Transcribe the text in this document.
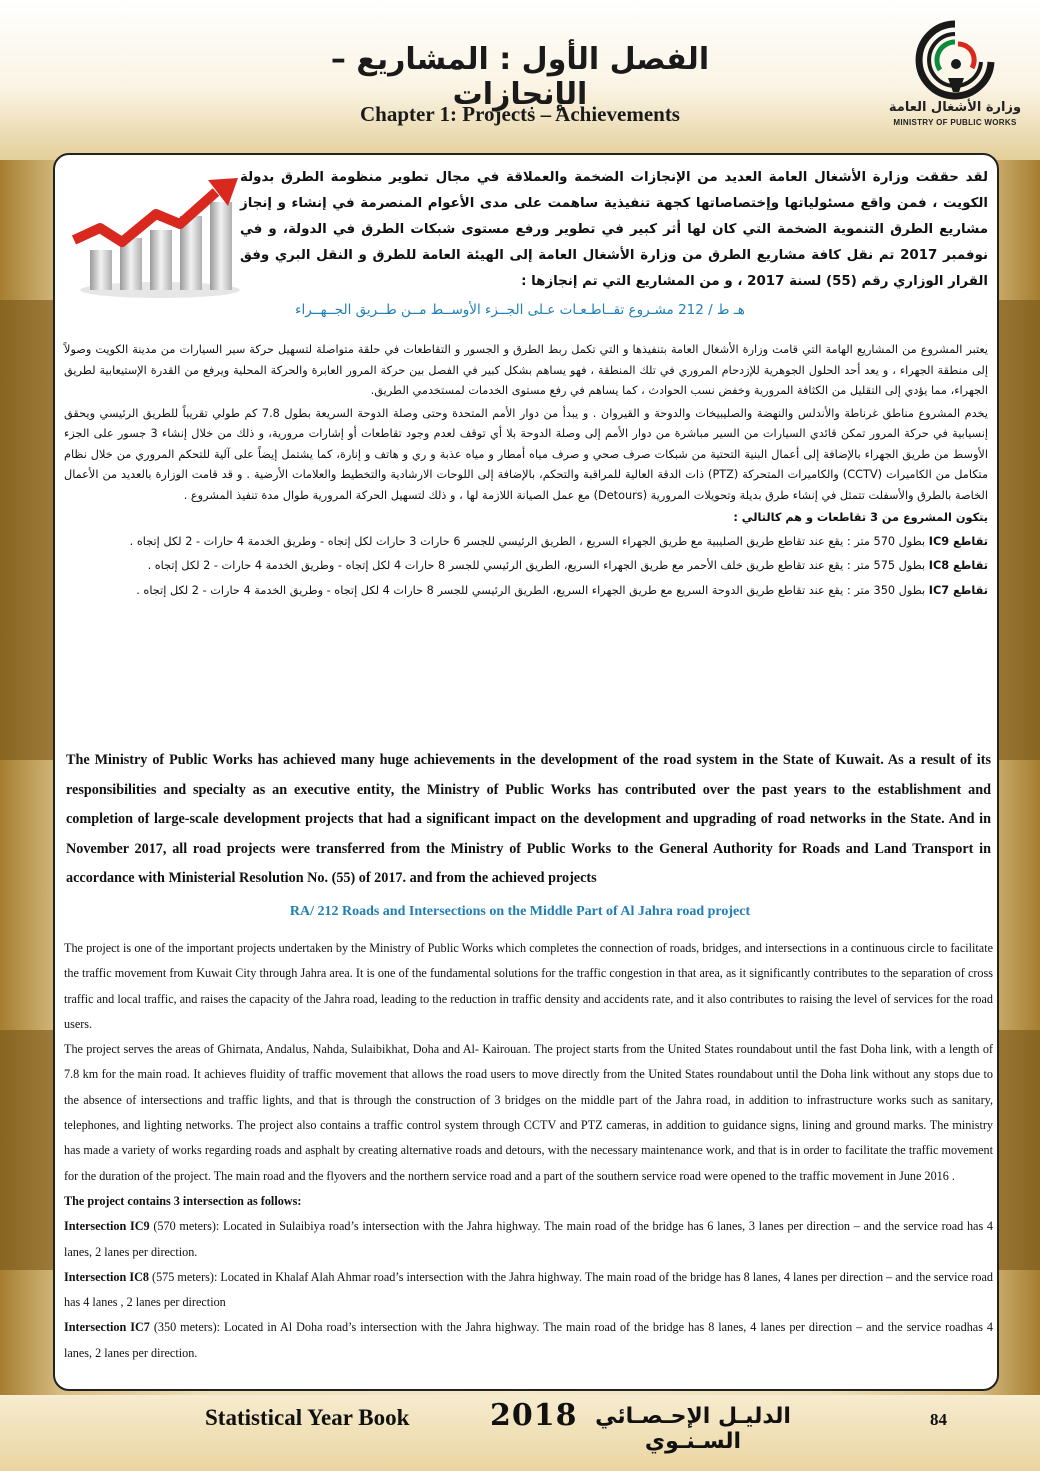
الفصل الأول : المشاريع – الإنجازات
Chapter 1: Projects – Achievements	وزارة الأشغال العامة
MINISTRY OF PUBLIC WORKS
لقد حققت وزارة الأشغال العامة العديد من الإنجازات الضخمة والعملاقة في مجال تطوير منظومة الطرق بدولة الكويت ، فمن واقع مسئولياتها وإختصاصاتها كجهة تنفيذية ساهمت على مدى الأعوام المنصرمة في إنشاء و إنجاز مشاريع الطرق التنموية الضخمة التي كان لها أثر كبير في تطوير ورفع مستوى شبكات الطرق في الدولة، و في نوفمبر 2017 تم نقل كافة مشاريع الطرق من وزارة الأشغال العامة إلى الهيئة العامة للطرق و النقل البري وفق القرار الوزاري رقم (55) لسنة 2017 ، و من المشاريع التي تم إنجازها :
هـ ط / 212 مشـروع تقــاطـعـات عـلى الجــزء الأوســط مــن طــريق الجــهــراء

يعتبر المشروع من المشاريع الهامة التي قامت وزارة الأشغال العامة بتنفيذها و التي تكمل ربط الطرق و الجسور و التقاطعات في حلقة متواصلة لتسهيل حركة سير السيارات من مدينة الكويت وصولاً إلى منطقة الجهراء ، و يعد أحد الحلول الجوهرية للإزدحام المروري في تلك المنطقة ، فهو يساهم بشكل كبير في الفصل بين حركة المرور العابرة والحركة المحلية ويرفع من القدرة الإستيعابية لطريق الجهراء، مما يؤدي إلى التقليل من الكثافة المرورية وخفض نسب الحوادث ، كما يساهم في رفع مستوى الخدمات لمستخدمي الطريق.

يخدم المشروع مناطق غرناطة والأندلس والنهضة والصليبيخات والدوحة و القيروان . و يبدأ من دوار الأمم المتحدة وحتى وصلة الدوحة السريعة بطول 7.8 كم طولي تقريباً للطريق الرئيسي ويحقق إنسيابية في حركة المرور تمكن قائدي السيارات من السير مباشرة من دوار الأمم إلى وصلة الدوحة بلا أي توقف لعدم وجود تقاطعات أو إشارات مرورية، و ذلك من خلال إنشاء 3 جسور على الجزء الأوسط من طريق الجهراء بالإضافة إلى أعمال البنية التحتية من شبكات صرف صحي و صرف مياه أمطار و مياه عذبة و ري و هاتف و إنارة، كما يشتمل إيضاً على آلية للتحكم المروري من خلال نظام متكامل من الكاميرات (CCTV) والكاميرات المتحركة (PTZ) ذات الدقة العالية للمراقبة والتحكم، بالإضافة إلى اللوحات الارشادية والتخطيط والعلامات الأرضية . و قد قامت الوزارة بالعديد من الأعمال الخاصة بالطرق والأسفلت تتمثل في إنشاء طرق بديلة وتحويلات المرورية (Detours) مع عمل الصيانة اللازمة لها ، و ذلك لتسهيل الحركة المرورية طوال مدة تنفيذ المشروع .

يتكون المشروع من 3 تقاطعات و هم كالتالي :

تقاطع IC9 بطول 570 متر : يقع عند تقاطع طريق الصليبية مع طريق الجهراء السريع ، الطريق الرئيسي للجسر 6 حارات 3 حارات لكل إتجاه - وطريق الخدمة 4 حارات - 2 لكل إتجاه .

تقاطع IC8 بطول 575 متر : يقع عند تقاطع طريق خلف الأحمر مع طريق الجهراء السريع، الطريق الرئيسي للجسر 8 حارات 4 لكل إتجاه - وطريق الخدمة 4 حارات - 2 لكل إتجاه .

تقاطع IC7 بطول 350 متر : يقع عند تقاطع طريق الدوحة السريع مع طريق الجهراء السريع، الطريق الرئيسي للجسر 8 حارات 4 لكل إتجاه - وطريق الخدمة 4 حارات - 2 لكل إتجاه .

The Ministry of Public Works has achieved many huge achievements in the development of the road system in the State of Kuwait. As a result of its responsibilities and specialty as an executive entity, the Ministry of Public Works has contributed over the past years to the establishment and completion of large-scale development projects that had a significant impact on the development and upgrading of road networks in the State. And in November 2017, all road projects were transferred from the Ministry of Public Works to the General Authority for Roads and Land Transport in accordance with Ministerial Resolution No. (55) of 2017. and from the achieved projects
RA/ 212 Roads and Intersections on the Middle Part of Al Jahra road project

The project is one of the important projects undertaken by the Ministry of Public Works which completes the connection of roads, bridges, and intersections in a continuous circle to facilitate the traffic movement from Kuwait City through Jahra area. It is one of the fundamental solutions for the traffic congestion in that area, as it significantly contributes to the separation of cross traffic and local traffic, and raises the capacity of the Jahra road, leading to the reduction in traffic density and accidents rate, and it also contributes to raising the level of services for the road users.

The project serves the areas of Ghirnata, Andalus, Nahda, Sulaibikhat, Doha and Al- Kairouan. The project starts from the United States roundabout until the fast Doha link, with a length of 7.8 km for the main road. It achieves fluidity of traffic movement that allows the road users to move directly from the United States roundabout until the Doha link without any stops due to the absence of intersections and traffic lights, and that is through the construction of 3 bridges on the middle part of the Jahra road, in addition to infrastructure works such as sanitary, telephones, and lighting networks. The project also contains a traffic control system through CCTV and PTZ cameras, in addition to guidance signs, lining and ground marks. The ministry has made a variety of works regarding roads and asphalt by creating alternative roads and detours, with the necessary maintenance work, and that is in order to facilitate the traffic movement for the duration of the project. The main road and the flyovers and the northern service road and a part of the southern service road were opened to the traffic movement in June 2016 .

The project contains 3 intersection as follows:

Intersection IC9 (570 meters): Located in Sulaibiya road’s intersection with the Jahra highway. The main road of the bridge has 6 lanes, 3 lanes per direction – and the service road has 4 lanes, 2 lanes per direction.

Intersection IC8 (575 meters): Located in Khalaf Alah Ahmar road’s intersection with the Jahra highway. The main road of the bridge has 8 lanes, 4 lanes per direction – and the service road has 4 lanes , 2 lanes per direction

Intersection IC7 (350 meters): Located in Al Doha road’s intersection with the Jahra highway. The main road of the bridge has 8 lanes, 4 lanes per direction – and the service roadhas 4 lanes, 2 lanes per direction.

Statistical Year Book	2018 الدليـل الإحـصـائي السـنـوي
84
